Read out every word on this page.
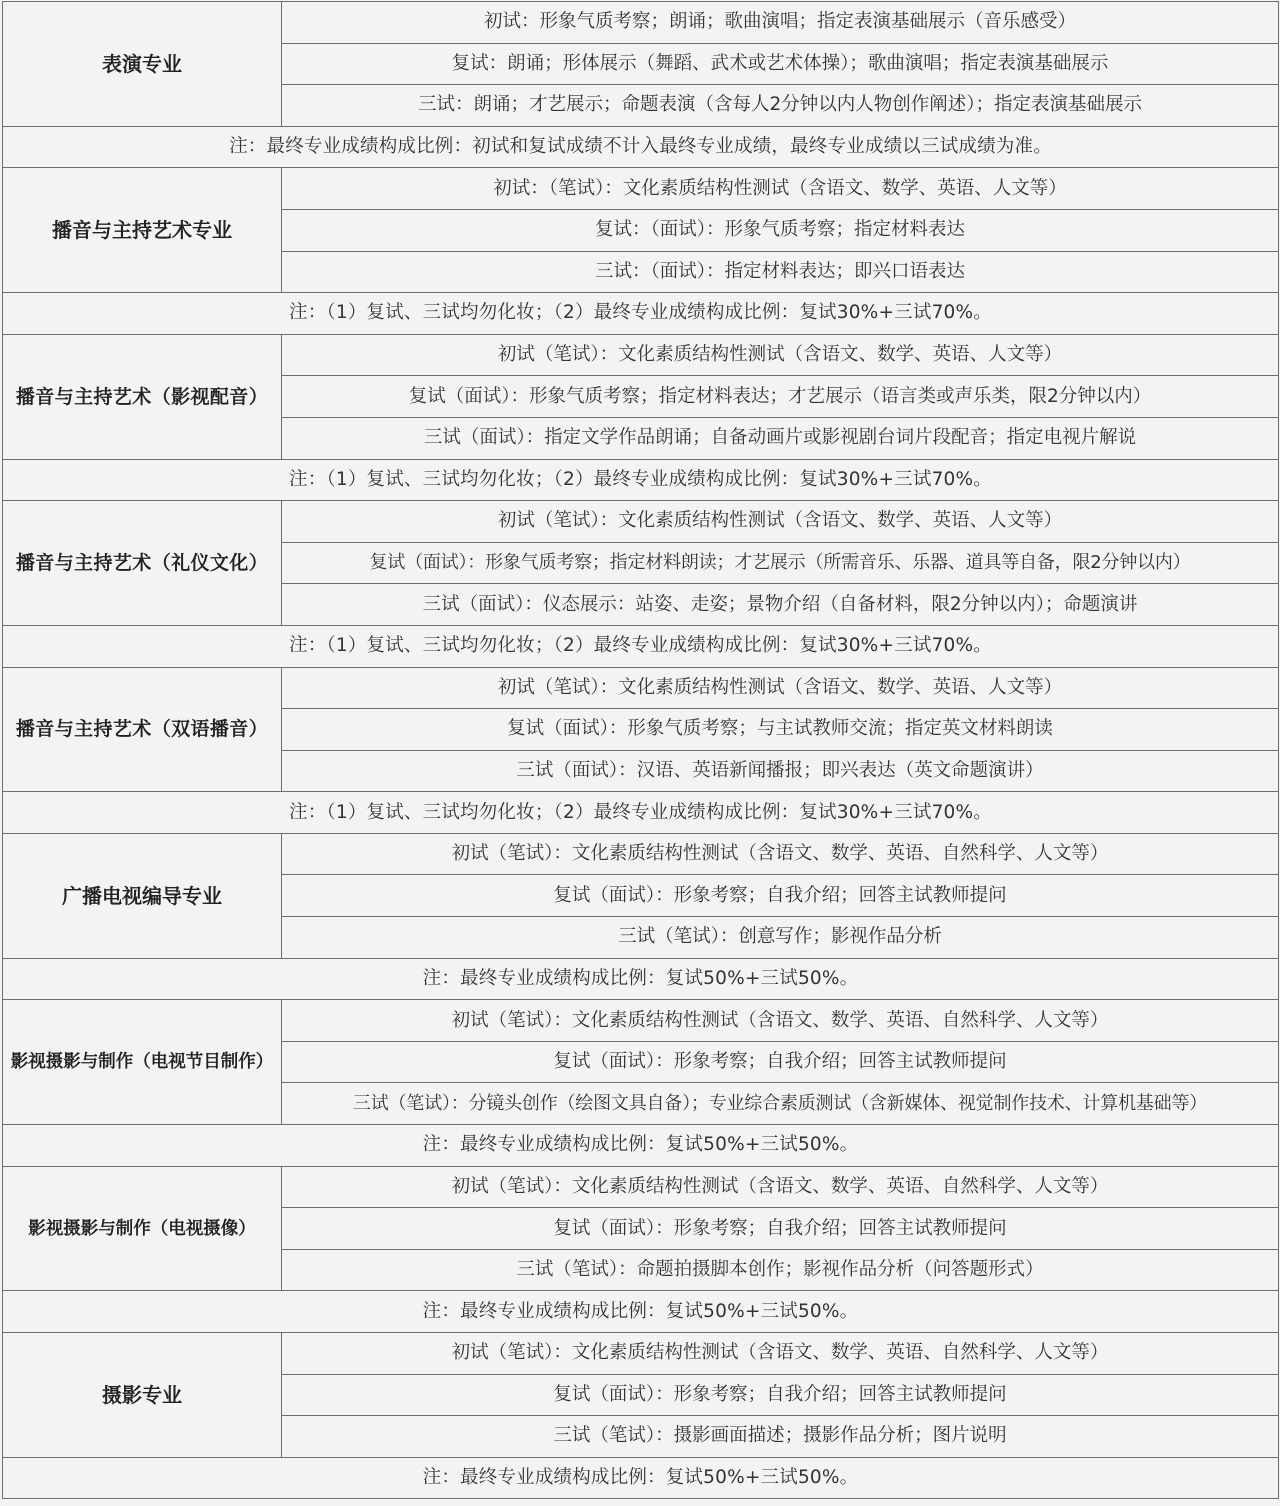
表演专业	初试：形象气质考察；朗诵；歌曲演唱；指定表演基础展示（音乐感受）
	复试：朗诵；形体展示（舞蹈、武术或艺术体操）；歌曲演唱；指定表演基础展示
	三试：朗诵；才艺展示；命题表演（含每人2分钟以内人物创作阐述）；指定表演基础展示
注：最终专业成绩构成比例：初试和复试成绩不计入最终专业成绩，最终专业成绩以三试成绩为准。	
播音与主持艺术专业	初试：（笔试）：文化素质结构性测试（含语文、数学、英语、人文等）
	复试：（面试）：形象气质考察；指定材料表达
	三试：（面试）：指定材料表达；即兴口语表达
注：（1）复试、三试均勿化妆；（2）最终专业成绩构成比例：复试30%+三试70%。	
播音与主持艺术（影视配音）	初试（笔试）：文化素质结构性测试（含语文、数学、英语、人文等）
	复试（面试）：形象气质考察；指定材料表达；才艺展示（语言类或声乐类，限2分钟以内）
	三试（面试）：指定文学作品朗诵；自备动画片或影视剧台词片段配音；指定电视片解说
注：（1）复试、三试均勿化妆；（2）最终专业成绩构成比例：复试30%+三试70%。	
播音与主持艺术（礼仪文化）	初试（笔试）：文化素质结构性测试（含语文、数学、英语、人文等）
	复试（面试）：形象气质考察；指定材料朗读；才艺展示（所需音乐、乐器、道具等自备，限2分钟以内）
	三试（面试）：仪态展示：站姿、走姿；景物介绍（自备材料，限2分钟以内）；命题演讲
注：（1）复试、三试均勿化妆；（2）最终专业成绩构成比例：复试30%+三试70%。	
播音与主持艺术（双语播音）	初试（笔试）：文化素质结构性测试（含语文、数学、英语、人文等）
	复试（面试）：形象气质考察；与主试教师交流；指定英文材料朗读
	三试（面试）：汉语、英语新闻播报；即兴表达（英文命题演讲）
注：（1）复试、三试均勿化妆；（2）最终专业成绩构成比例：复试30%+三试70%。	
广播电视编导专业	初试（笔试）：文化素质结构性测试（含语文、数学、英语、自然科学、人文等）
	复试（面试）：形象考察；自我介绍；回答主试教师提问
	三试（笔试）：创意写作；影视作品分析
注：最终专业成绩构成比例：复试50%+三试50%。	
影视摄影与制作（电视节目制作）	初试（笔试）：文化素质结构性测试（含语文、数学、英语、自然科学、人文等）
	复试（面试）：形象考察；自我介绍；回答主试教师提问
	三试（笔试）：分镜头创作（绘图文具自备）；专业综合素质测试（含新媒体、视觉制作技术、计算机基础等）
注：最终专业成绩构成比例：复试50%+三试50%。	
影视摄影与制作（电视摄像）	初试（笔试）：文化素质结构性测试（含语文、数学、英语、自然科学、人文等）
	复试（面试）：形象考察；自我介绍；回答主试教师提问
	三试（笔试）：命题拍摄脚本创作；影视作品分析（问答题形式）
注：最终专业成绩构成比例：复试50%+三试50%。	
摄影专业	初试（笔试）：文化素质结构性测试（含语文、数学、英语、自然科学、人文等）
	复试（面试）：形象考察；自我介绍；回答主试教师提问
	三试（笔试）：摄影画面描述；摄影作品分析；图片说明
注：最终专业成绩构成比例：复试50%+三试50%。	
